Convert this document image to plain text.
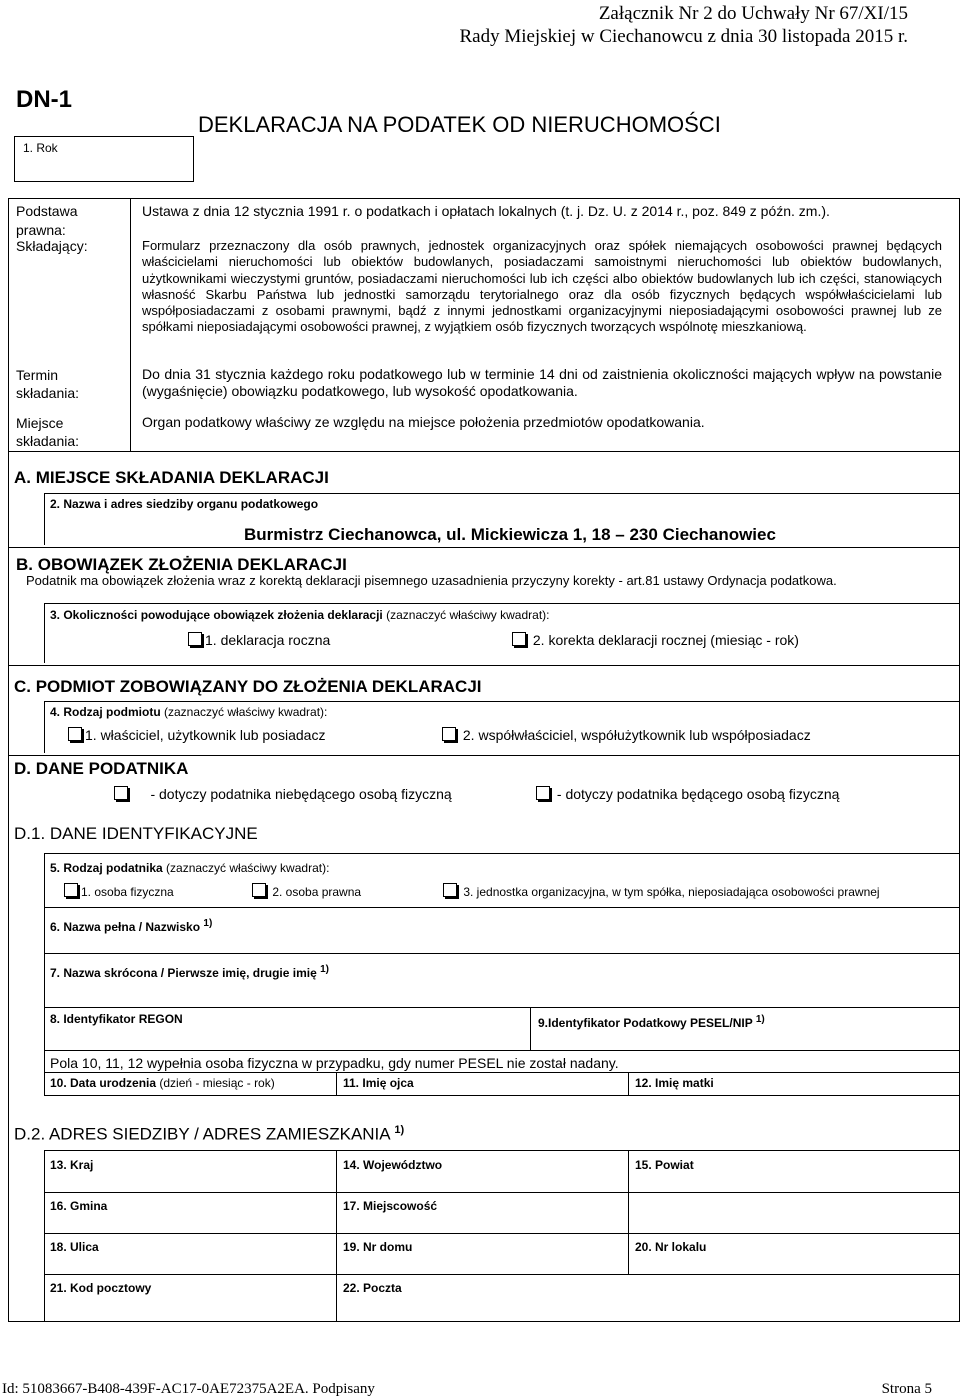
Załącznik Nr 2 do Uchwały Nr 67/XI/15
Rady Miejskiej w Ciechanowcu z dnia 30 listopada 2015 r.
DN-1
DEKLARACJA NA PODATEK OD NIERUCHOMOŚCI
1. Rok
Podstawa prawna:
Ustawa z dnia 12 stycznia 1991 r. o podatkach i opłatach lokalnych (t. j. Dz. U. z 2014 r., poz. 849 z późn. zm.).
Składający:	Formularz przeznaczony dla osób prawnych, jednostek organizacyjnych oraz spółek niemających osobowości prawnej będących właścicielami nieruchomości lub obiektów budowlanych, posiadaczami samoistnymi nieruchomości lub obiektów budowlanych, użytkownikami wieczystymi gruntów, posiadaczami nieruchomości lub ich części albo obiektów budowlanych lub ich części, stanowiących własność Skarbu Państwa lub jednostki samorządu terytorialnego oraz dla osób fizycznych będących współwłaścicielami lub współposiadaczami z osobami prawnymi, bądź z innymi jednostkami organizacyjnymi nieposiadającymi osobowości prawnej lub ze spółkami nieposiadającymi osobowości prawnej, z wyjątkiem osób fizycznych tworzących wspólnotę mieszkaniową.
Termin składania:
Do dnia 31 stycznia każdego roku podatkowego lub w terminie 14 dni od zaistnienia okoliczności mających wpływ na powstanie (wygaśnięcie) obowiązku podatkowego, lub wysokość opodatkowania.
Miejsce składania:
Organ podatkowy właściwy ze względu na miejsce położenia przedmiotów opodatkowania.
A. MIEJSCE SKŁADANIA DEKLARACJI
2. Nazwa i adres siedziby organu podatkowego
Burmistrz Ciechanowca, ul. Mickiewicza 1, 18 – 230 Ciechanowiec
B. OBOWIĄZEK ZŁOŻENIA DEKLARACJI
Podatnik ma obowiązek złożenia wraz z korektą deklaracji pisemnego uzasadnienia przyczyny korekty - art.81 ustawy Ordynacja podatkowa.
3. Okoliczności powodujące obowiązek złożenia deklaracji (zaznaczyć właściwy kwadrat):
1. deklaracja roczna	2. korekta deklaracji rocznej (miesiąc - rok)
C. PODMIOT ZOBOWIĄZANY DO ZŁOŻENIA DEKLARACJI
4. Rodzaj podmiotu (zaznaczyć właściwy kwadrat):
1. właściciel, użytkownik lub posiadacz	2. współwłaściciel, współużytkownik lub współposiadacz
D. DANE PODATNIKA
- dotyczy podatnika niebędącego osobą fizyczną	- dotyczy podatnika będącego osobą fizyczną
D.1. DANE IDENTYFIKACYJNE
5. Rodzaj podatnika (zaznaczyć właściwy kwadrat):
1. osoba fizyczna	2. osoba prawna	3. jednostka organizacyjna, w tym spółka, nieposiadająca osobowości prawnej
6. Nazwa pełna / Nazwisko $^{1)}$
7. Nazwa skrócona / Pierwsze imię, drugie imię $^{1)}$
8. Identyfikator REGON	9.Identyfikator Podatkowy PESEL/NIP $^{1)}$
Pola 10, 11, 12 wypełnia osoba fizyczna w przypadku, gdy numer PESEL nie został nadany.
10. Data urodzenia (dzień - miesiąc - rok)	11. Imię ojca	12. Imię matki
D.2. ADRES SIEDZIBY / ADRES ZAMIESZKANIA $^{1)}$
13. Kraj	14. Województwo	15. Powiat
16. Gmina	17. Miejscowość
18. Ulica	19. Nr domu	20. Nr lokalu
21. Kod pocztowy	22. Poczta
Id: 51083667-B408-439F-AC17-0AE72375A2EA. Podpisany	Strona 5
